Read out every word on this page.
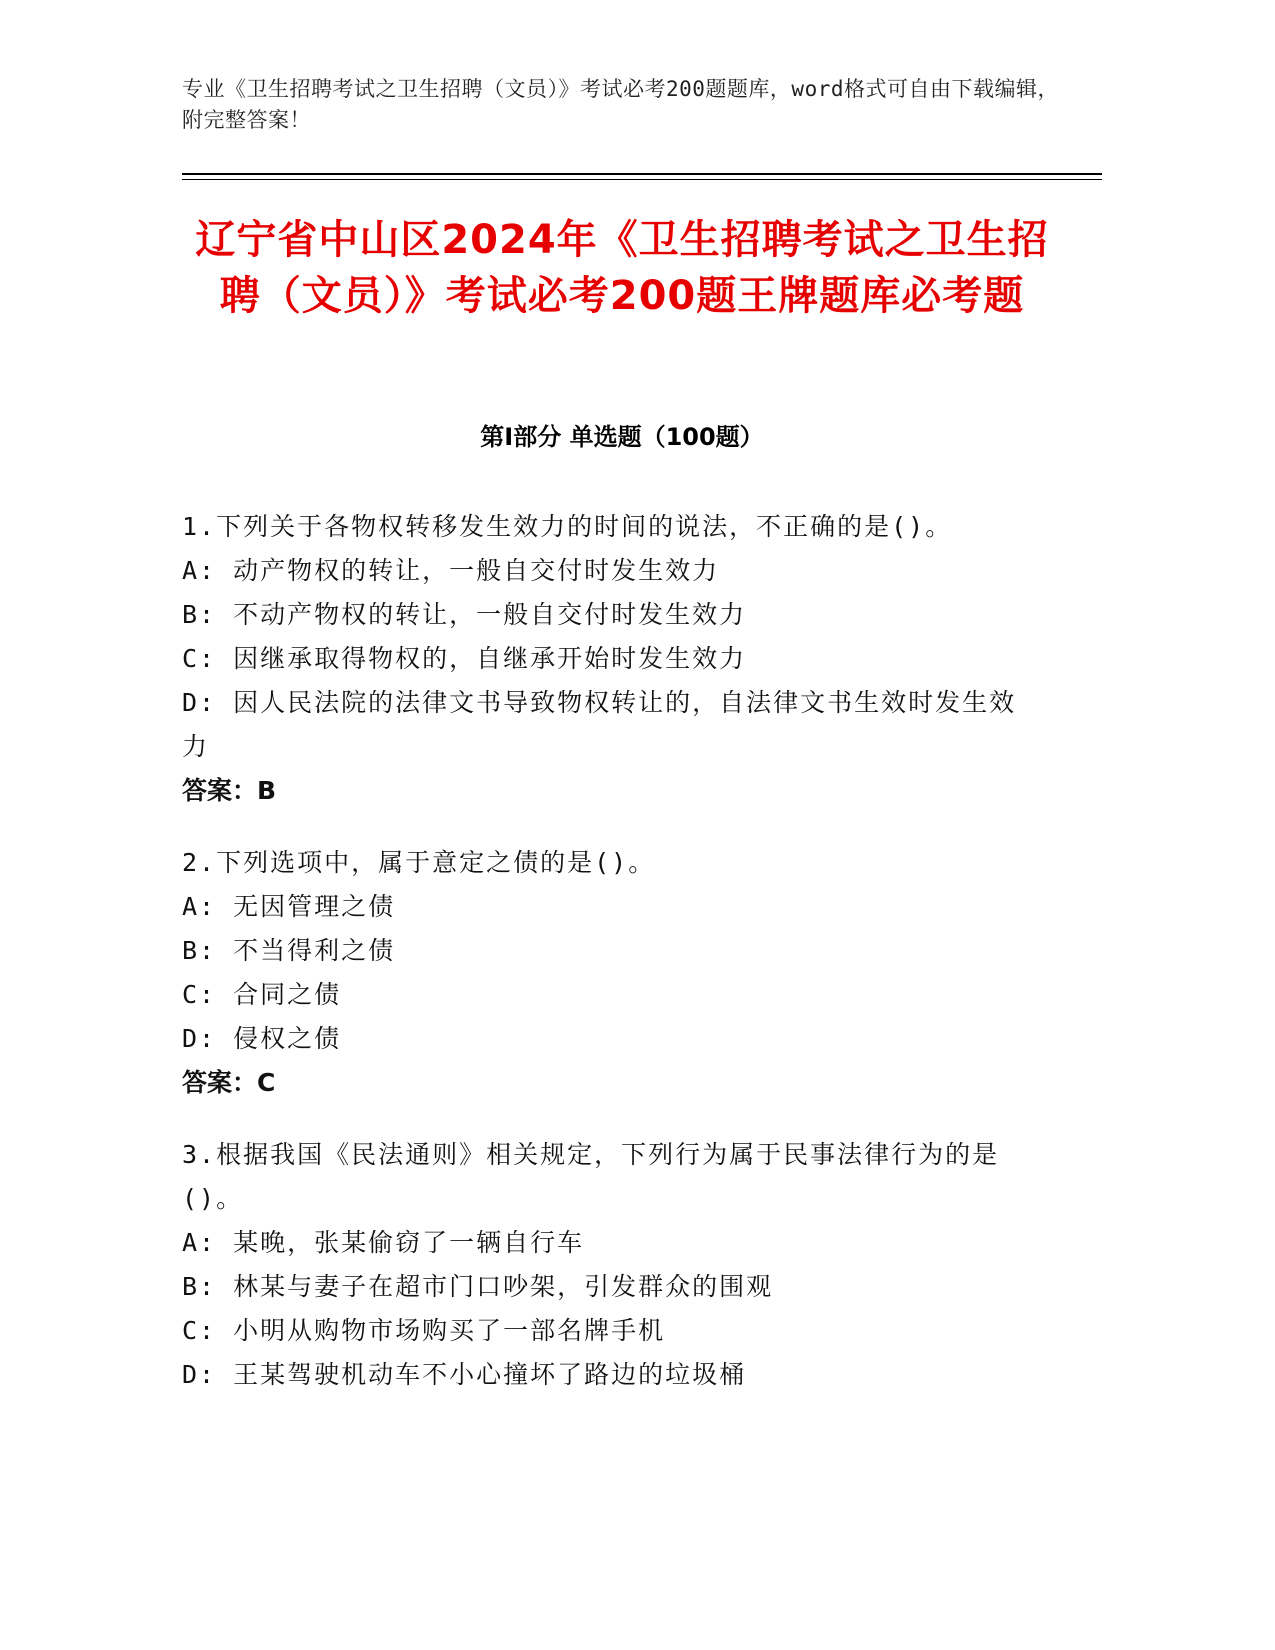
专业《卫生招聘考试之卫生招聘（文员）》考试必考200题题库，word格式可自由下载编辑，附完整答案！
辽宁省中山区2024年《卫生招聘考试之卫生招聘（文员）》考试必考200题王牌题库必考题
第I部分 单选题（100题）
1.下列关于各物权转移发生效力的时间的说法，不正确的是()。
A: 动产物权的转让，一般自交付时发生效力
B: 不动产物权的转让，一般自交付时发生效力
C: 因继承取得物权的，自继承开始时发生效力
D: 因人民法院的法律文书导致物权转让的，自法律文书生效时发生效力
答案：B
2.下列选项中，属于意定之债的是()。
A: 无因管理之债
B: 不当得利之债
C: 合同之债
D: 侵权之债
答案：C
3.根据我国《民法通则》相关规定，下列行为属于民事法律行为的是()。
A: 某晚，张某偷窃了一辆自行车
B: 林某与妻子在超市门口吵架，引发群众的围观
C: 小明从购物市场购买了一部名牌手机
D: 王某驾驶机动车不小心撞坏了路边的垃圾桶
